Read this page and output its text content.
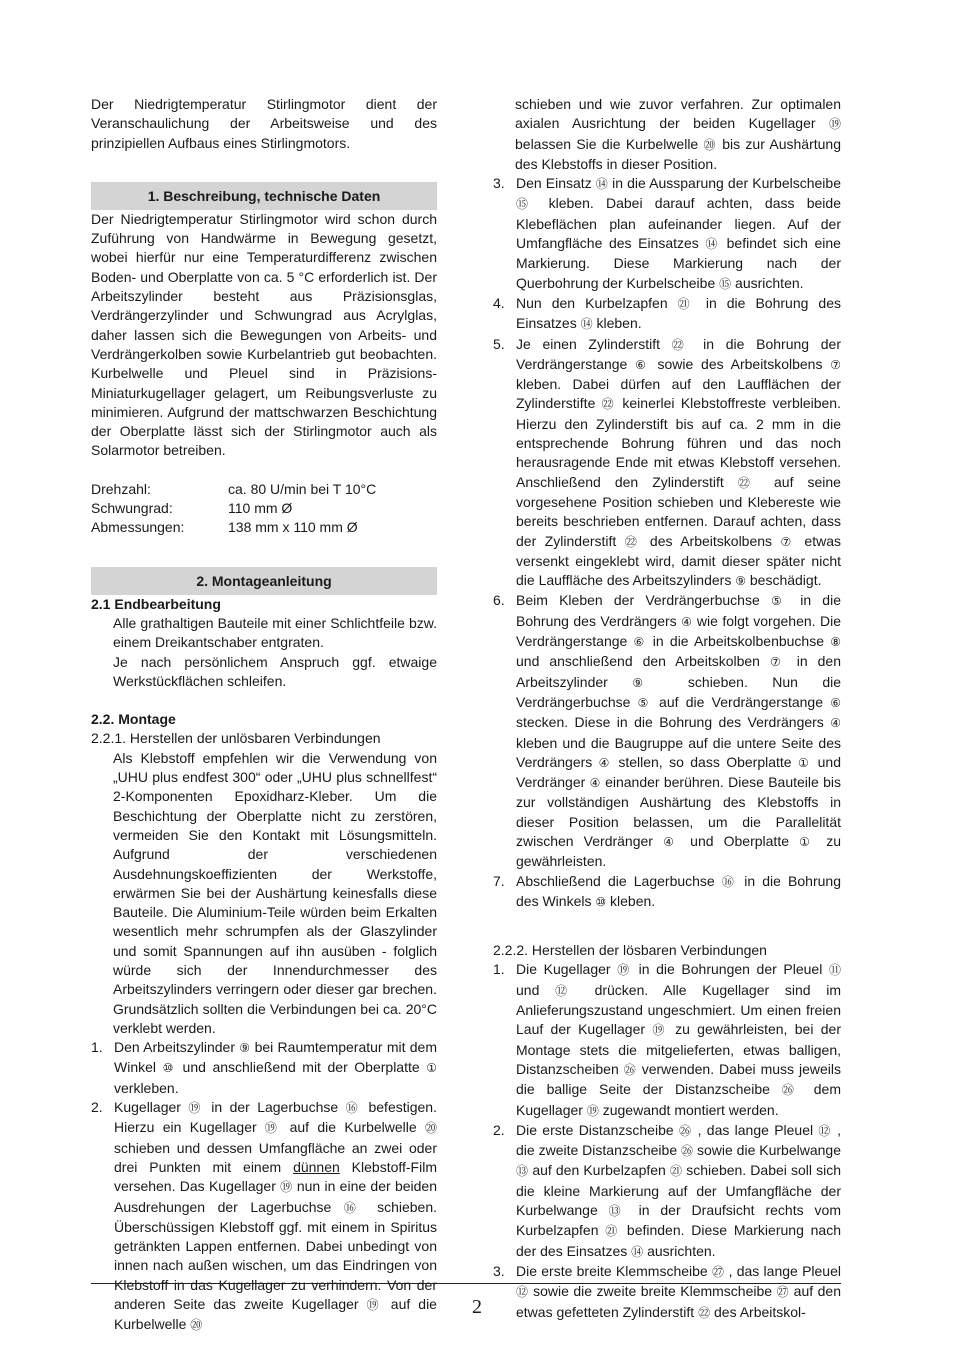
Der Niedrigtemperatur Stirlingmotor dient der Veranschaulichung der Arbeitsweise und des prinzipiellen Aufbaus eines Stirlingmotors.

1. Beschreibung, technische Daten

Der Niedrigtemperatur Stirlingmotor wird schon durch Zuführung von Handwärme in Bewegung gesetzt, wobei hierfür nur eine Temperaturdifferenz zwischen Boden- und Oberplatte von ca. 5 °C erforderlich ist. Der Arbeitszylinder besteht aus Präzisionsglas, Verdrängerzylinder und Schwungrad aus Acrylglas, daher lassen sich die Bewegungen von Arbeits- und Verdrängerkolben sowie Kurbelantrieb gut beobachten. Kurbelwelle und Pleuel sind in Präzisions-Miniaturkugellager gelagert, um Reibungsverluste zu minimieren. Aufgrund der mattschwarzen Beschichtung der Oberplatte lässt sich der Stirlingmotor auch als Solarmotor betreiben.

Drehzahl:	ca. 80 U/min bei T 10°C
Schwungrad:	110 mm Ø
Abmessungen:	138 mm x 110 mm Ø
2. Montageanleitung

2.1 Endbearbeitung

Alle grathaltigen Bauteile mit einer Schlichtfeile bzw. einem Dreikantschaber entgraten.

Je nach persönlichem Anspruch ggf. etwaige Werkstückflächen schleifen.

2.2. Montage

2.2.1. Herstellen der unlösbaren Verbindungen

Als Klebstoff empfehlen wir die Verwendung von „UHU plus endfest 300“ oder „UHU plus schnellfest“ 2-Komponenten Epoxidharz-Kleber. Um die Beschichtung der Oberplatte nicht zu zerstören, vermeiden Sie den Kontakt mit Lösungsmitteln. Aufgrund der verschiedenen Ausdehnungskoeffizienten der Werkstoffe, erwärmen Sie bei der Aushärtung keinesfalls diese Bauteile. Die Aluminium-Teile würden beim Erkalten wesentlich mehr schrumpfen als der Glaszylinder und somit Spannungen auf ihn ausüben - folglich würde sich der Innendurchmesser des Arbeitszylinders verringern oder dieser gar brechen. Grundsätzlich sollten die Verbindungen bei ca. 20°C verklebt werden.

1. Den Arbeitszylinder ⑨ bei Raumtemperatur mit dem Winkel ⑩ und anschließend mit der Oberplatte ① verkleben.
2. Kugellager ⑲ in der Lagerbuchse ⑯ befestigen. Hierzu ein Kugellager ⑲ auf die Kurbelwelle ⑳ schieben und dessen Umfangfläche an zwei oder drei Punkten mit einem dünnen Klebstoff-Film versehen. Das Kugellager ⑲ nun in eine der beiden Ausdrehungen der Lagerbuchse ⑯ schieben. Überschüssigen Klebstoff ggf. mit einem in Spiritus getränkten Lappen entfernen. Dabei unbedingt von innen nach außen wischen, um das Eindringen von Klebstoff in das Kugellager zu verhindern. Von der anderen Seite das zweite Kugellager ⑲ auf die Kurbelwelle ⑳

schieben und wie zuvor verfahren. Zur optimalen axialen Ausrichtung der beiden Kugellager ⑲ belassen Sie die Kurbelwelle ⑳ bis zur Aushärtung des Klebstoffs in dieser Position.

3. Den Einsatz ⑭ in die Aussparung der Kurbelscheibe ⑮ kleben. Dabei darauf achten, dass beide Klebeflächen plan aufeinander liegen. Auf der Umfangfläche des Einsatzes ⑭ befindet sich eine Markierung. Diese Markierung nach der Querbohrung der Kurbelscheibe ⑮ ausrichten.
4. Nun den Kurbelzapfen ㉑ in die Bohrung des Einsatzes ⑭ kleben.
5. Je einen Zylinderstift ㉒ in die Bohrung der Verdrängerstange ⑥ sowie des Arbeitskolbens ⑦ kleben. Dabei dürfen auf den Laufflächen der Zylinderstifte ㉒ keinerlei Klebstoffreste verbleiben. Hierzu den Zylinderstift bis auf ca. 2 mm in die entsprechende Bohrung führen und das noch herausragende Ende mit etwas Klebstoff versehen. Anschließend den Zylinderstift ㉒ auf seine vorgesehene Position schieben und Klebereste wie bereits beschrieben entfernen. Darauf achten, dass der Zylinderstift ㉒ des Arbeitskolbens ⑦ etwas versenkt eingeklebt wird, damit dieser später nicht die Lauffläche des Arbeitszylinders ⑨ beschädigt.
6. Beim Kleben der Verdrängerbuchse ⑤ in die Bohrung des Verdrängers ④ wie folgt vorgehen. Die Verdrängerstange ⑥ in die Arbeitskolbenbuchse ⑧ und anschließend den Arbeitskolben ⑦ in den Arbeitszylinder ⑨ schieben. Nun die Verdrängerbuchse ⑤ auf die Verdrängerstange ⑥ stecken. Diese in die Bohrung des Verdrängers ④ kleben und die Baugruppe auf die untere Seite des Verdrängers ④ stellen, so dass Oberplatte ① und Verdränger ④ einander berühren. Diese Bauteile bis zur vollständigen Aushärtung des Klebstoffs in dieser Position belassen, um die Parallelität zwischen Verdränger ④ und Oberplatte ① zu gewährleisten.
7. Abschließend die Lagerbuchse ⑯ in die Bohrung des Winkels ⑩ kleben.

2.2.2. Herstellen der lösbaren Verbindungen

1. Die Kugellager ⑲ in die Bohrungen der Pleuel ⑪ und ⑫ drücken. Alle Kugellager sind im Anlieferungszustand ungeschmiert. Um einen freien Lauf der Kugellager ⑲ zu gewährleisten, bei der Montage stets die mitgelieferten, etwas balligen, Distanzscheiben ㉖ verwenden. Dabei muss jeweils die ballige Seite der Distanzscheibe ㉖ dem Kugellager ⑲ zugewandt montiert werden.
2. Die erste Distanzscheibe ㉖ , das lange Pleuel ⑫ , die zweite Distanzscheibe ㉖ sowie die Kurbelwange ⑬ auf den Kurbelzapfen ㉑ schieben. Dabei soll sich die kleine Markierung auf der Umfangfläche der Kurbelwange ⑬ in der Draufsicht rechts vom Kurbelzapfen ㉑ befinden. Diese Markierung nach der des Einsatzes ⑭ ausrichten.
3. Die erste breite Klemmscheibe ㉗ , das lange Pleuel ⑫ sowie die zweite breite Klemmscheibe ㉗ auf den etwas gefetteten Zylinderstift ㉒ des Arbeitskol-
2
